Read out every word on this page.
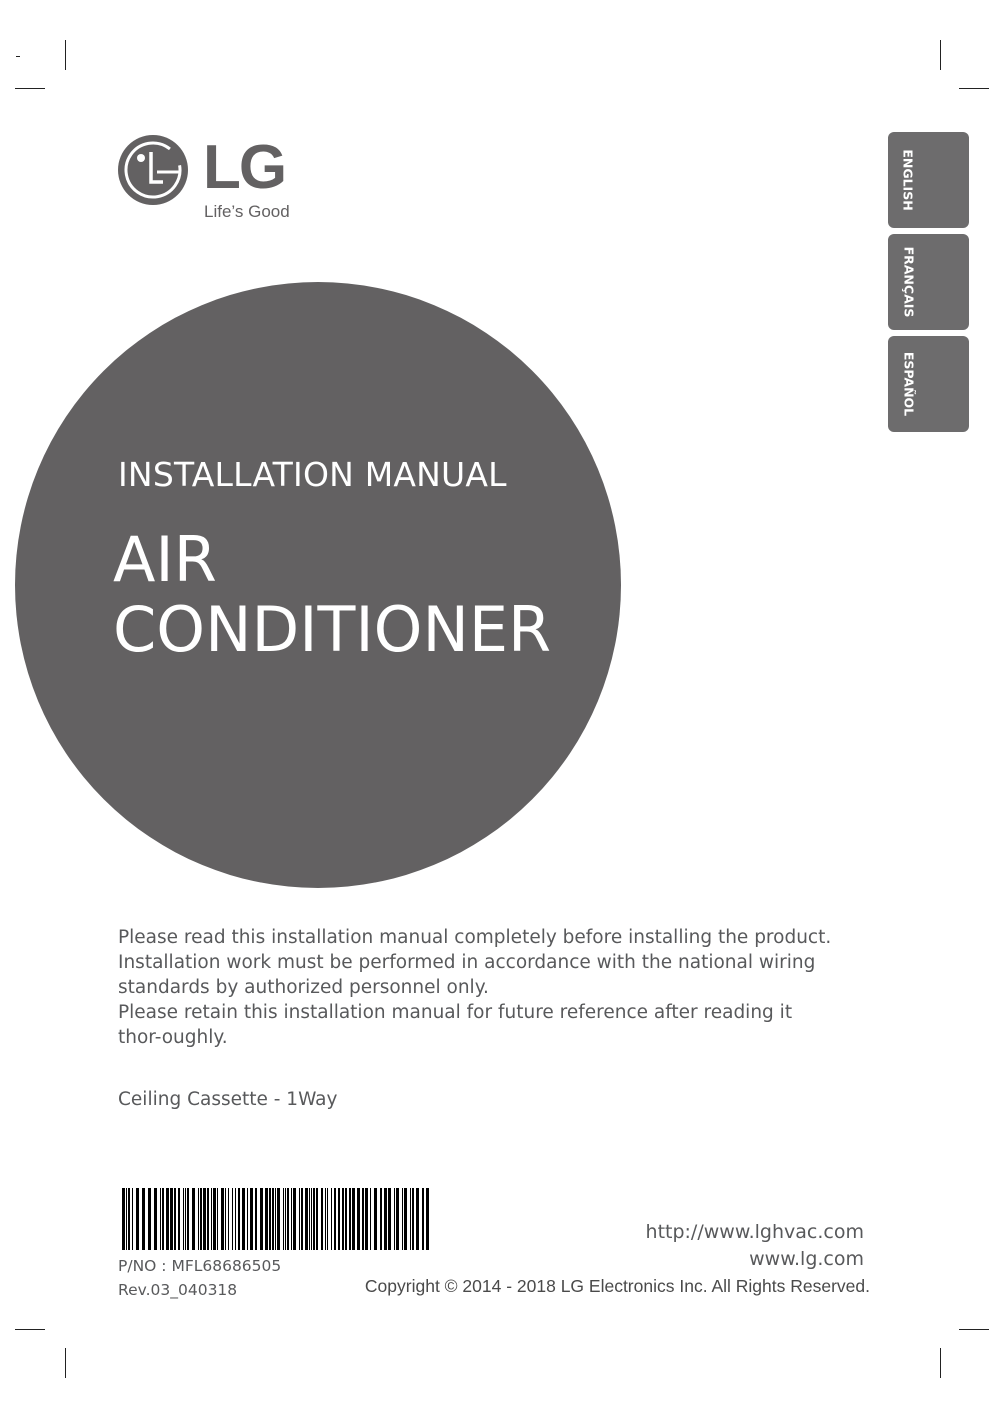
LG
Life’s Good
ENGLISH
FRANÇAIS
ESPAÑOL
INSTALLATION MANUAL
AIR
CONDITIONER

Please read this installation manual completely before installing the product.

Installation work must be performed in accordance with the national wiring standards by authorized personnel only.

Please retain this installation manual for future reference after reading it thor-oughly.

Ceiling Cassette - 1Way
P/NO : MFL68686505
Rev.03_040318
http://www.lghvac.com
www.lg.com
Copyright © 2014 - 2018 LG Electronics Inc. All Rights Reserved.
